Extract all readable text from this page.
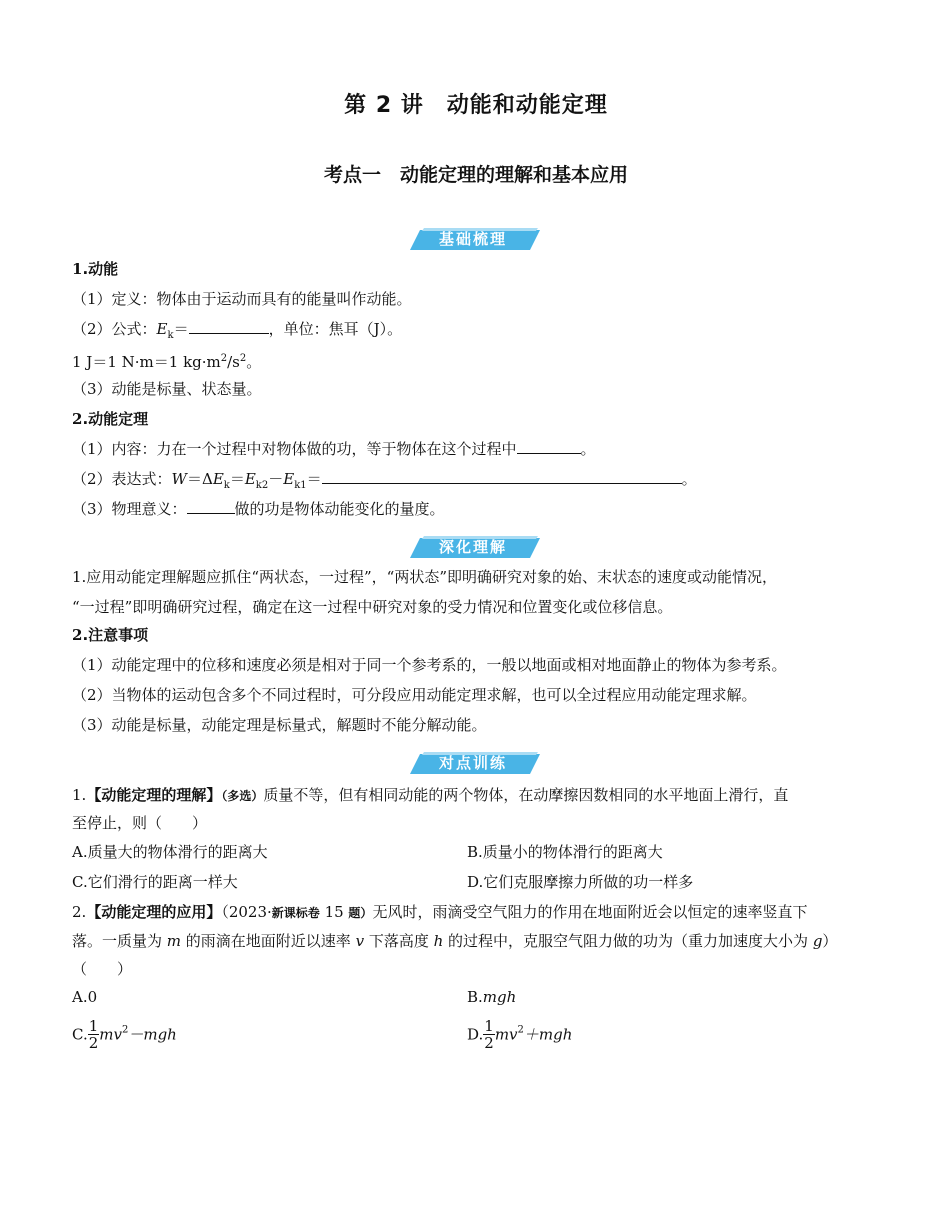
第 2 讲　动能和动能定理
考点一　动能定理的理解和基本应用
基础梳理
1.动能
（1）定义：物体由于运动而具有的能量叫作动能。
（2）公式：$E_k=$	，单位：焦耳（J）。
1 J＝1 N·m＝1 $kg\cdot m^2/s^2$。
（3）动能是标量、状态量。
2.动能定理
（1）内容：力在一个过程中对物体做的功，等于物体在这个过程中	。
（2）表达式：$W=\Delta E_k=E_{k2}-E_{k1}=$	。
（3）物理意义：	做的功是物体动能变化的量度。
深化理解
1.应用动能定理解题应抓住“两状态，一过程”，“两状态”即明确研究对象的始、末状态的速度或动能情况，
“一过程”即明确研究过程，确定在这一过程中研究对象的受力情况和位置变化或位移信息。
2.注意事项
（1）动能定理中的位移和速度必须是相对于同一个参考系的，一般以地面或相对地面静止的物体为参考系。
（2）当物体的运动包含多个不同过程时，可分段应用动能定理求解，也可以全过程应用动能定理求解。
（3）动能是标量，动能定理是标量式，解题时不能分解动能。
对点训练
1.【动能定理的理解】（多选）质量不等，但有相同动能的两个物体，在动摩擦因数相同的水平地面上滑行，直
至停止，则（　　）
A.质量大的物体滑行的距离大	B.质量小的物体滑行的距离大
C.它们滑行的距离一样大	D.它们克服摩擦力所做的功一样多
2.【动能定理的应用】（2023·新课标卷 15 题）无风时，雨滴受空气阻力的作用在地面附近会以恒定的速率竖直下
落。一质量为 m 的雨滴在地面附近以速率 v 下落高度 h 的过程中，克服空气阻力做的功为（重力加速度大小为 g）
（　　）
A.0	B.mgh
C. $\frac{1}{2} mv^2-mgh$	D. $\frac{1}{2} mv^2+mgh$
